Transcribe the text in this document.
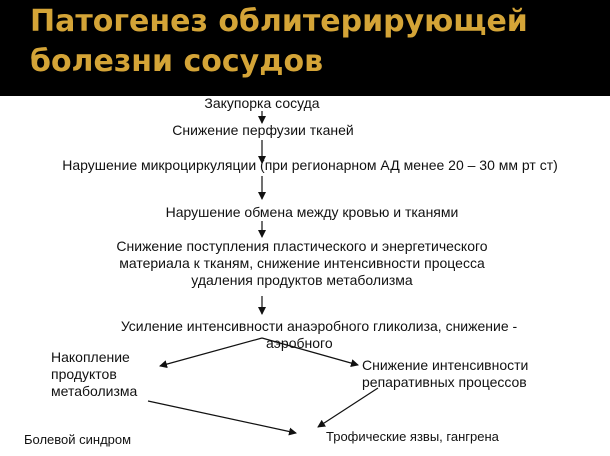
Патогенез облитерирующей болезни сосудов
Закупорка сосуда
Снижение перфузии тканей
Нарушение микроциркуляции (при регионарном АД менее 20 – 30 мм рт ст)
Нарушение обмена между кровью и тканями
Снижение поступления пластического и энергетического
материала к тканям, снижение интенсивности процесса
удаления продуктов метаболизма
Усиление интенсивности анаэробного гликолиза, снижение -
аэробного
Накопление
продуктов
метаболизма
Снижение интенсивности
репаративных процессов
Болевой синдром	Трофические язвы, гангрена
